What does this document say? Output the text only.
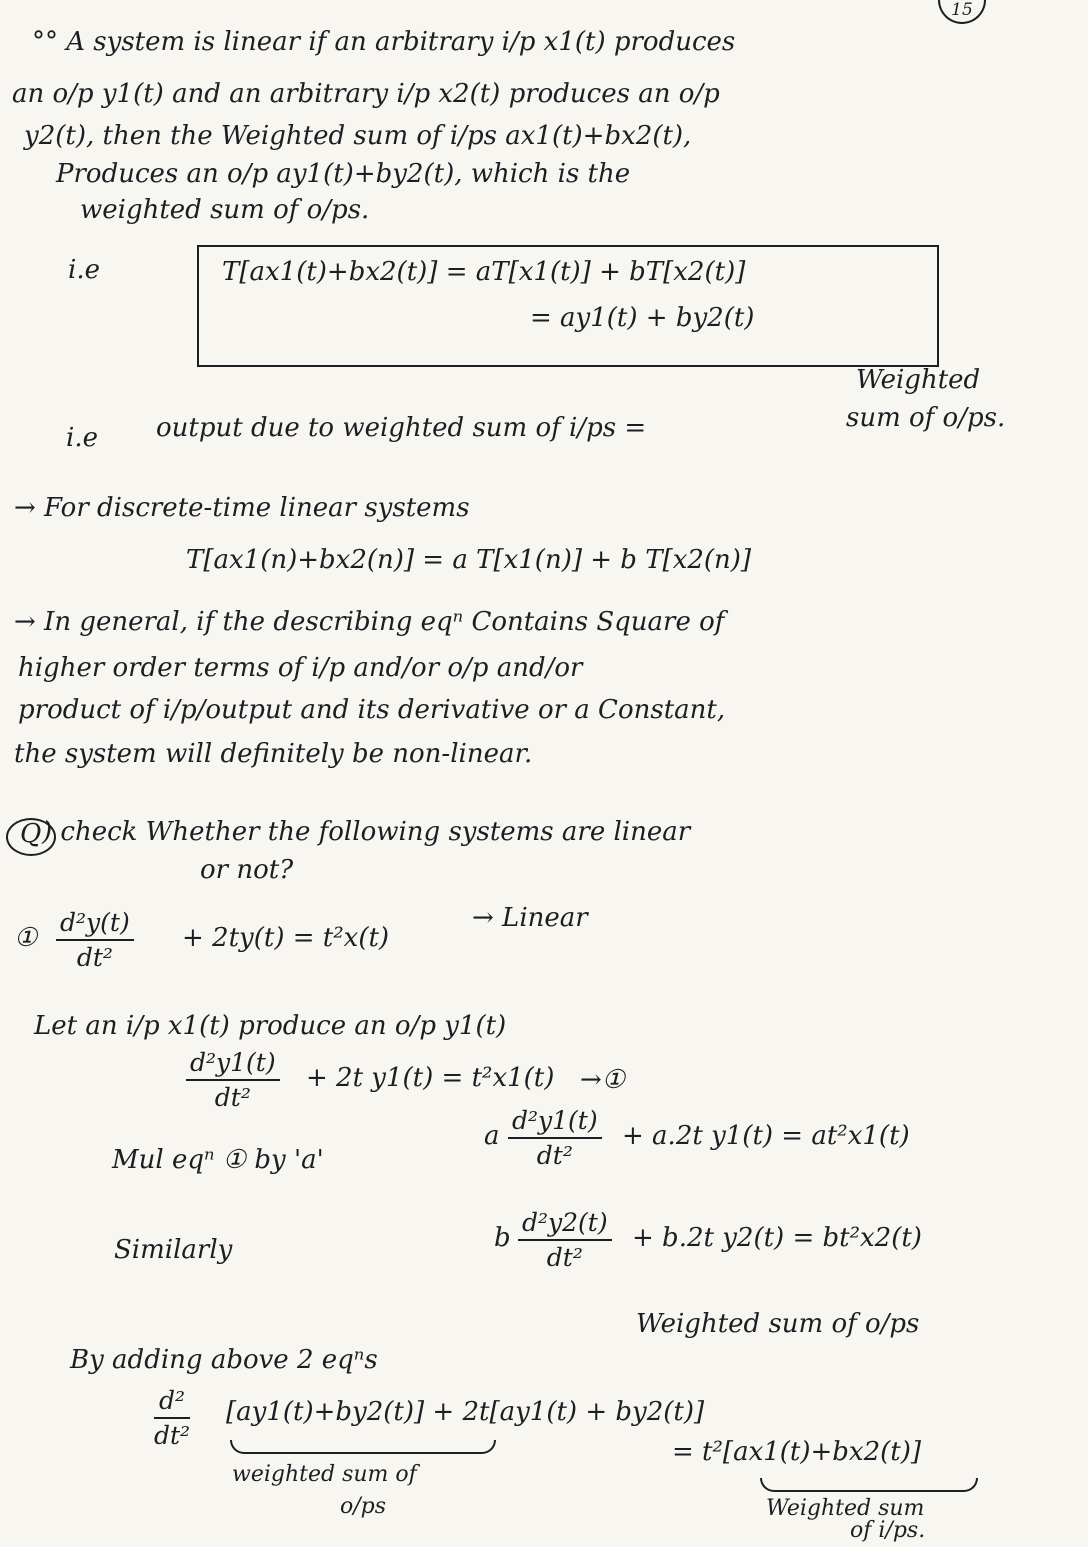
15
°° A system is linear if an arbitrary i/p x1(t) produces
an o/p y1(t) and an arbitrary i/p x2(t) produces an o/p
y2(t), then the Weighted sum of i/ps ax1(t)+bx2(t),
Produces an o/p ay1(t)+by2(t), which is the
weighted sum of o/ps.
i.e	T[ax1(t)+bx2(t)] = aT[x1(t)] + bT[x2(t)]
= ay1(t) + by2(t)
i.e output due to weighted sum of i/ps =
Weighted
sum of o/ps.
→ For discrete-time linear systems
T[ax1(n)+bx2(n)] = a T[x1(n)] + b T[x2(n)]
→ In general, if the describing eqⁿ Contains Square of
higher order terms of i/p and/or o/p and/or
product of i/p/output and its derivative or a Constant,
the system will definitely be non-linear.
Q ) check Whether the following systems are linear
or not?
① $\frac{\text{d²y(t)}}{\text{dt²}} + 2ty(t) = t^2x(t)$
→ Linear
Let an i/p x1(t) produce an o/p y1(t)
$\frac{\text{d²y1(t)}}{\text{dt²}} + 2t$ y1(t) = t²x1(t) →①
Mul eqⁿ ① by 'a'
a $\frac{\text{d²y1(t)}}{\text{dt²}} + a.2t$ y1(t) = at²x1(t)
Similarly	b $\frac{\text{d²y2(t)}}{\text{dt²}} + b.2t$ y2(t) = bt²x2(t)
By adding above 2 eqⁿs
Weighted sum of o/ps
$\frac{\text{d²}}{\text{dt²}} [ay1(t)+by2(t)] + 2t[ay1(t) + by2(t)]$
= t²[ax1(t)+bx2(t)]
weighted sum of
o/ps	Weighted sum
of i/ps.
